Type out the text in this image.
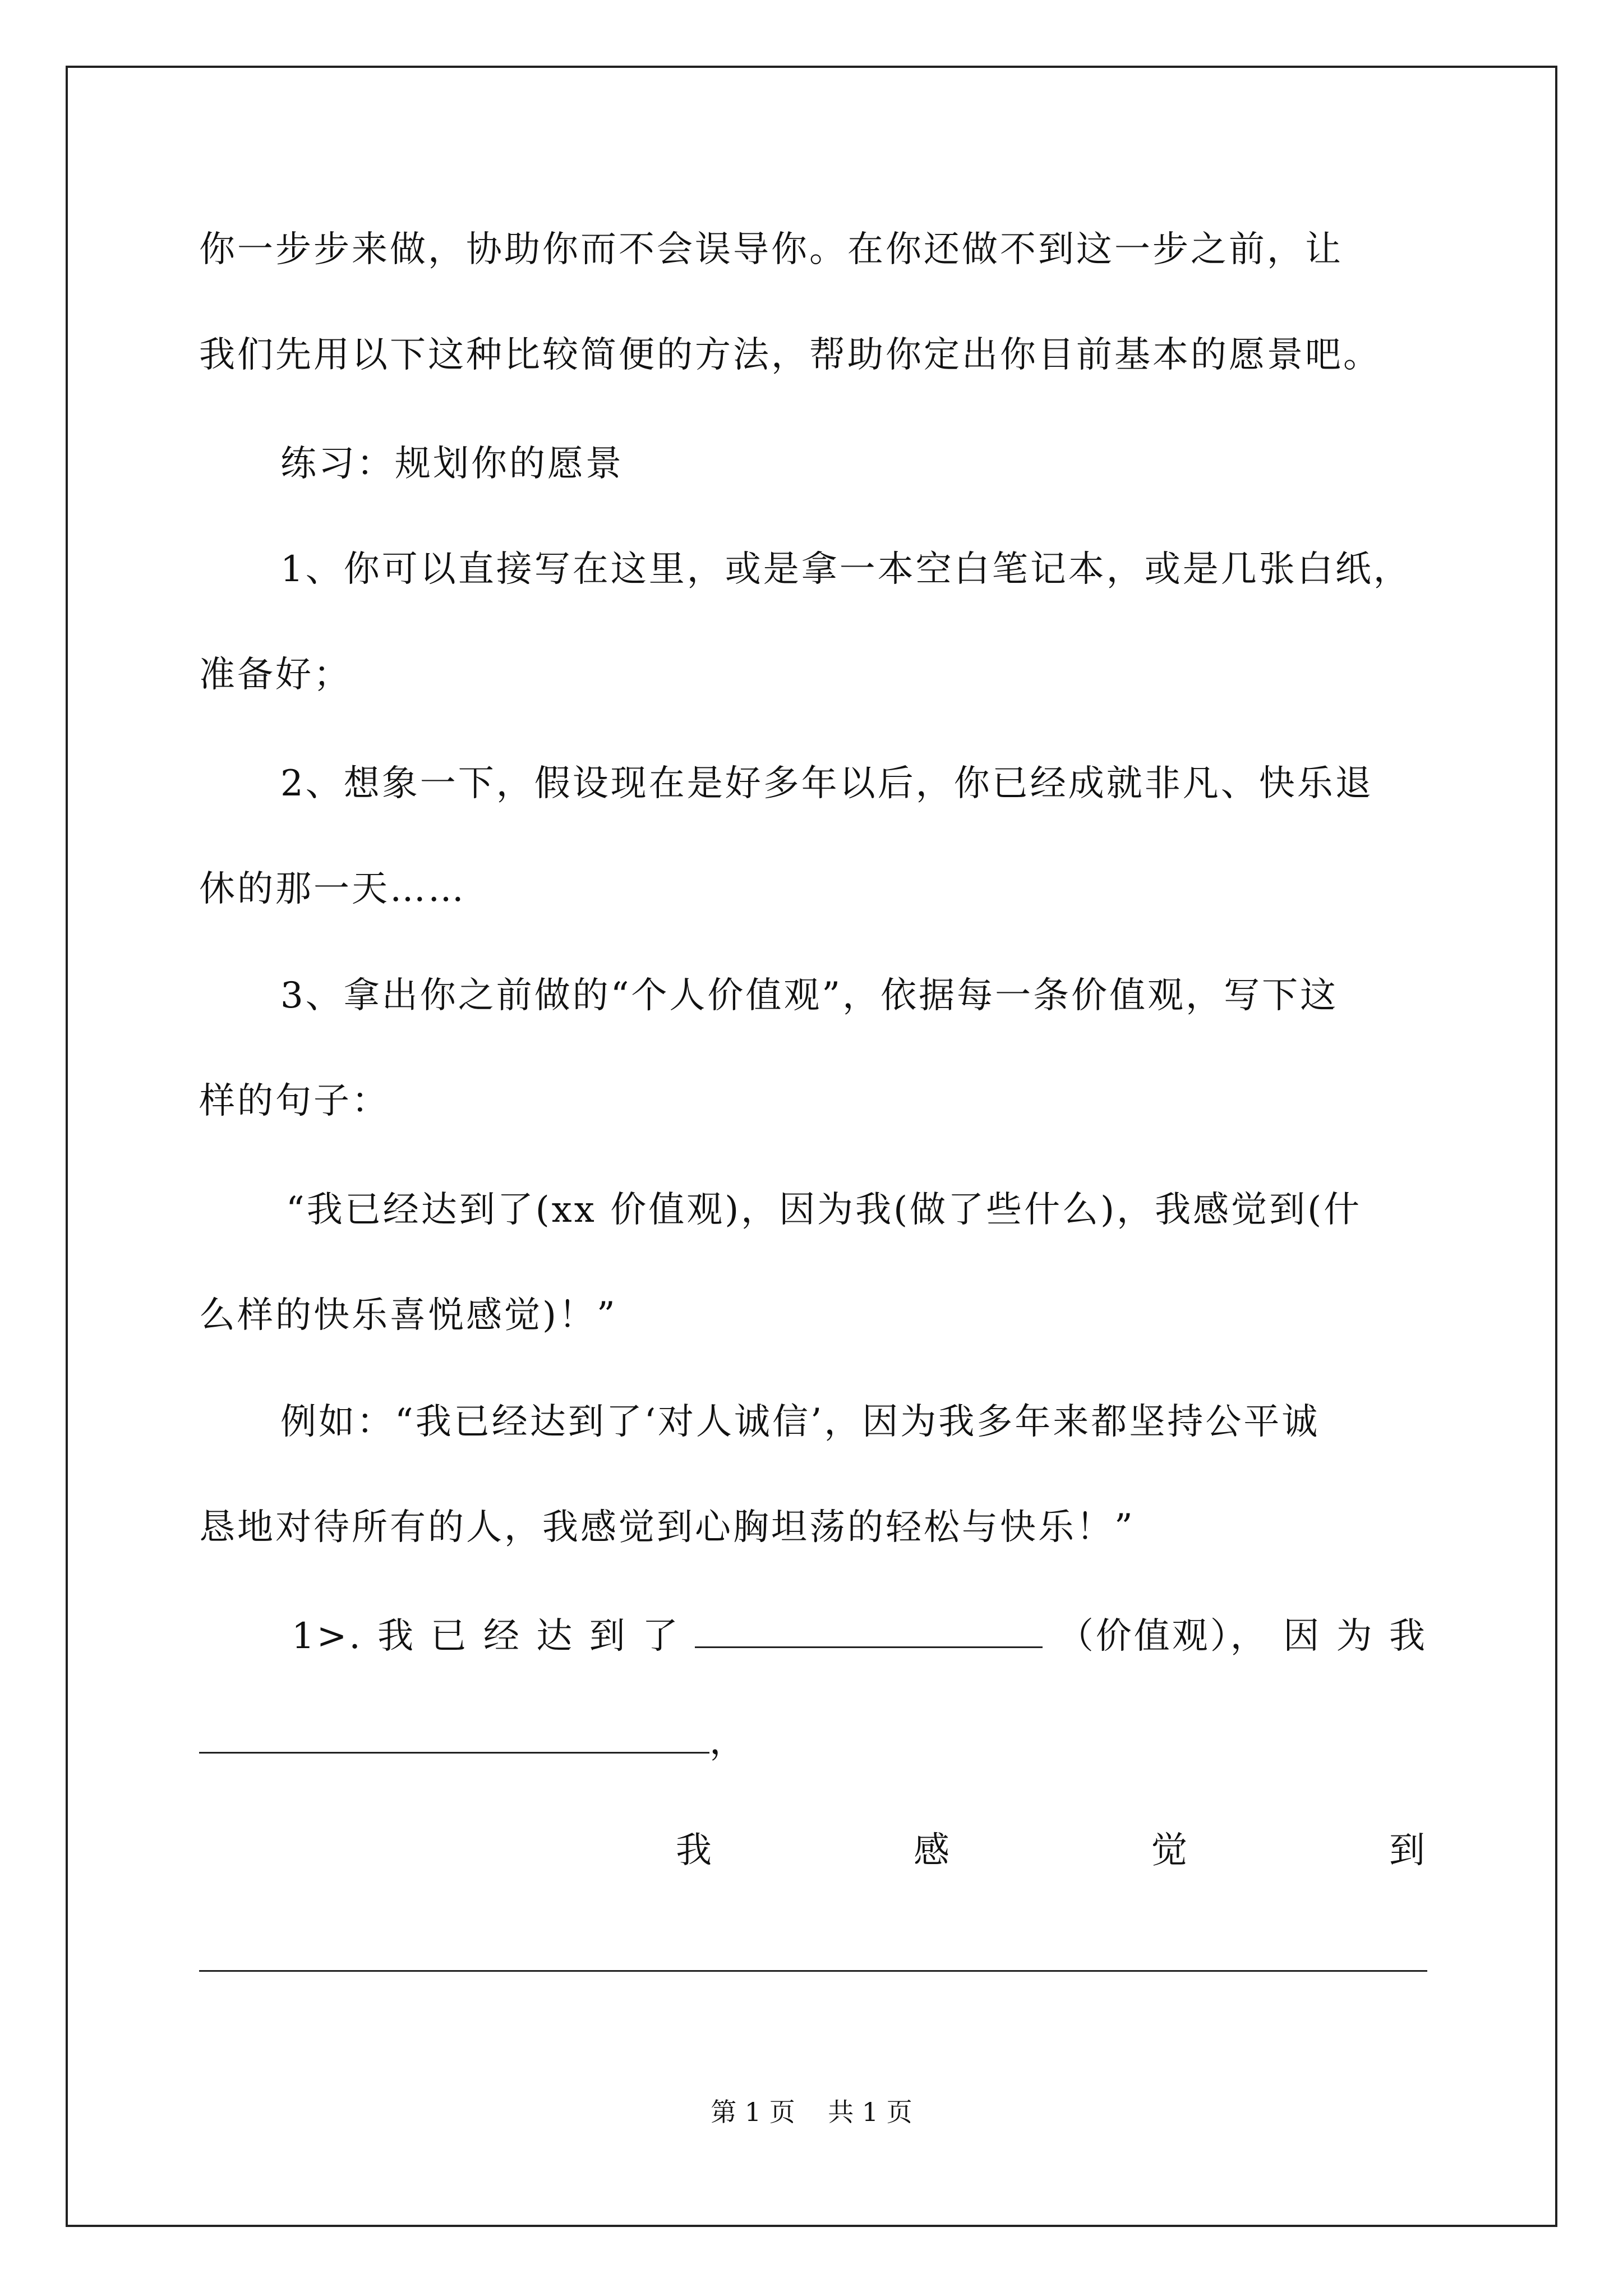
你一步步来做，协助你而不会误导你。在你还做不到这一步之前，让
我们先用以下这种比较简便的方法，帮助你定出你目前基本的愿景吧。
练习：规划你的愿景
1、你可以直接写在这里，或是拿一本空白笔记本，或是几张白纸，
准备好；
2、想象一下，假设现在是好多年以后，你已经成就非凡、快乐退
休的那一天……
3、拿出你之前做的“个人价值观”，依据每一条价值观，写下这
样的句子：
“我已经达到了(xx 价值观)，因为我(做了些什么)，我感觉到(什
么样的快乐喜悦感觉)！”
例如：“我已经达到了‘对人诚信’，因为我多年来都坚持公平诚
恳地对待所有的人，我感觉到心胸坦荡的轻松与快乐！”
1>. 我 已 经 达 到 了	（价值观）， 因 为 我
，
我	感	觉	到
第 1 页    共 1 页
